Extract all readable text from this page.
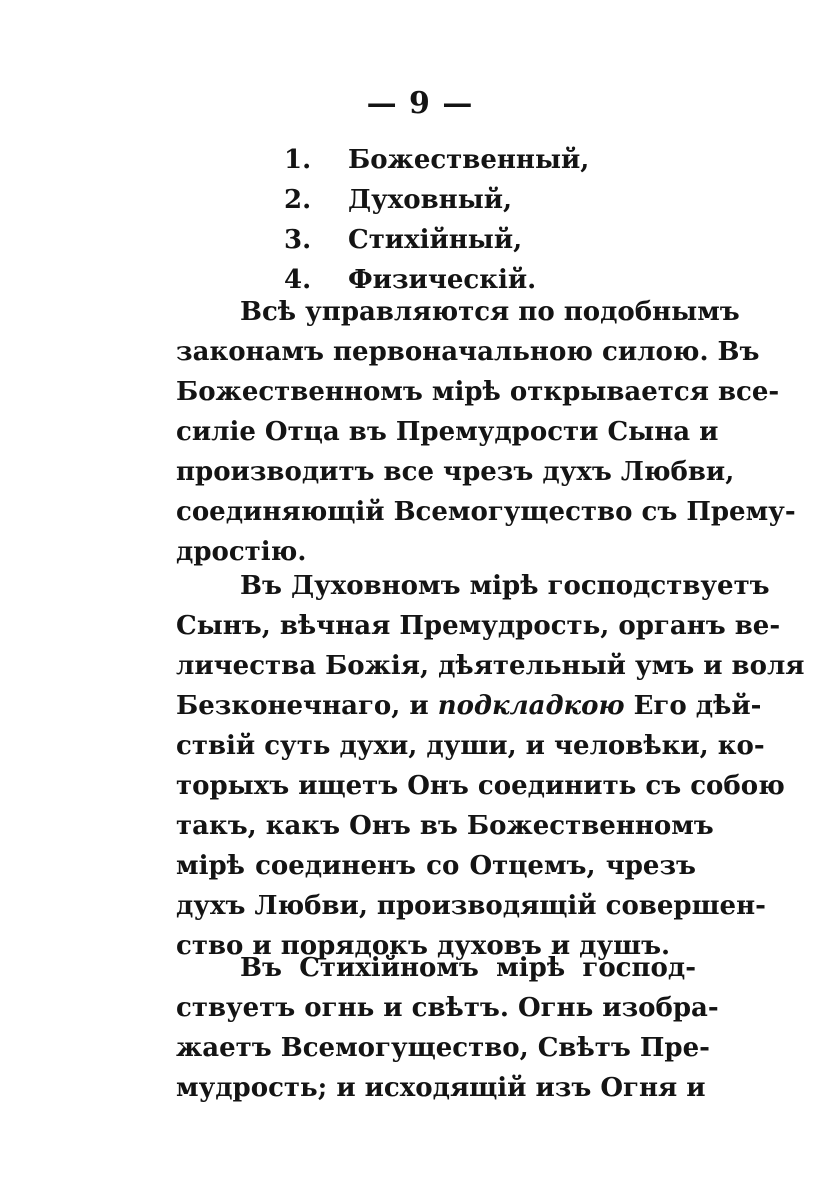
— 9 —
1. Божественный,
2. Духовный,
3. Стихійный,
4. Физическій.
Всѣ управляются по подобнымъ
законамъ первоначальною силою. Въ
Божественномъ мірѣ открывается все-
силіе Отца въ Премудрости Сына и
производитъ все чрезъ духъ Любви,
соединяющій Всемогущество съ Прему-
дростію.
Въ Духовномъ мірѣ господствуетъ
Сынъ, вѣчная Премудрость, органъ ве-
личества Божія, дѣятельный умъ и воля
Безконечнаго, и подкладкою Его дѣй-
ствій суть духи, души, и человѣки, ко-
торыхъ ищетъ Онъ соединить съ собою
такъ, какъ Онъ въ Божественномъ
мірѣ соединенъ со Отцемъ, чрезъ
духъ Любви, производящій совершен-
ство и порядокъ духовъ и душъ.
Въ Стихійномъ мірѣ господ-
ствуетъ огнь и свѣтъ. Огнь изобра-
жаетъ Всемогущество, Свѣтъ Пре-
мудрость; и исходящій изъ Огня и
